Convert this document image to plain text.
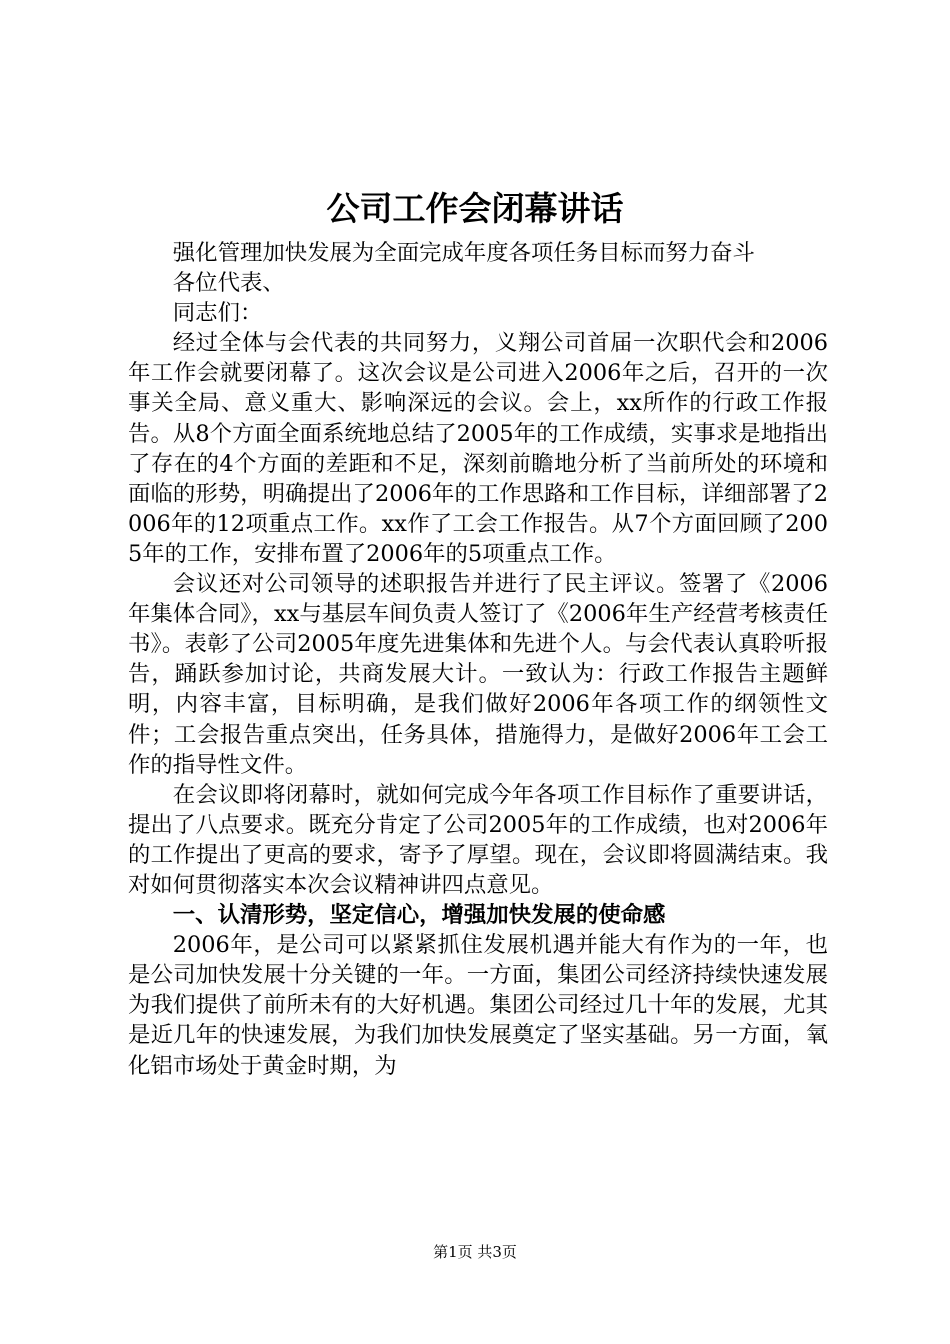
公司工作会闭幕讲话

强化管理加快发展为全面完成年度各项任务目标而努力奋斗

各位代表、

同志们：

经过全体与会代表的共同努力，义翔公司首届一次职代会和2006年工作会就要闭幕了。这次会议是公司进入2006年之后，召开的一次事关全局、意义重大、影响深远的会议。会上，xx所作的行政工作报告。从8个方面全面系统地总结了2005年的工作成绩，实事求是地指出了存在的4个方面的差距和不足，深刻前瞻地分析了当前所处的环境和面临的形势，明确提出了2006年的工作思路和工作目标，详细部署了2006年的12项重点工作。xx作了工会工作报告。从7个方面回顾了2005年的工作，安排布置了2006年的5项重点工作。

会议还对公司领导的述职报告并进行了民主评议。签署了《2006年集体合同》，xx与基层车间负责人签订了《2006年生产经营考核责任书》。表彰了公司2005年度先进集体和先进个人。与会代表认真聆听报告，踊跃参加讨论，共商发展大计。一致认为：行政工作报告主题鲜明，内容丰富，目标明确，是我们做好2006年各项工作的纲领性文件；工会报告重点突出，任务具体，措施得力，是做好2006年工会工作的指导性文件。

在会议即将闭幕时，就如何完成今年各项工作目标作了重要讲话，提出了八点要求。既充分肯定了公司2005年的工作成绩，也对2006年的工作提出了更高的要求，寄予了厚望。现在，会议即将圆满结束。我对如何贯彻落实本次会议精神讲四点意见。

一、认清形势，坚定信心，增强加快发展的使命感

2006年，是公司可以紧紧抓住发展机遇并能大有作为的一年，也是公司加快发展十分关键的一年。一方面，集团公司经济持续快速发展为我们提供了前所未有的大好机遇。集团公司经过几十年的发展，尤其是近几年的快速发展，为我们加快发展奠定了坚实基础。另一方面，氧化铝市场处于黄金时期，为

第1页 共3页
